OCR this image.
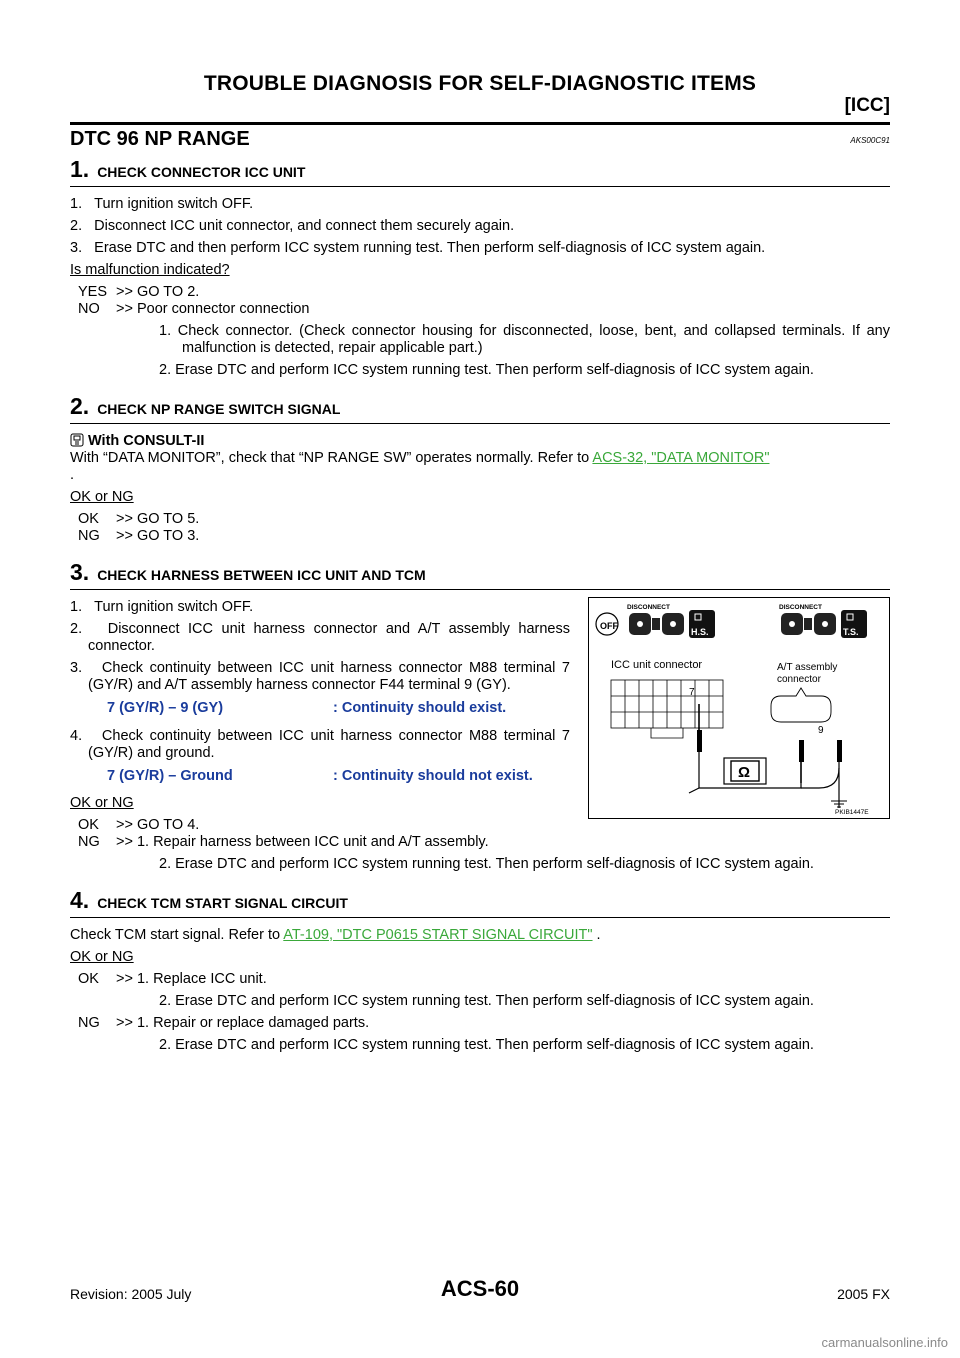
TROUBLE DIAGNOSIS FOR SELF-DIAGNOSTIC ITEMS
[ICC]
DTC 96 NP RANGE	AKS00C91
1. CHECK CONNECTOR ICC UNIT
1.   Turn ignition switch OFF.
2.   Disconnect ICC unit connector, and connect them securely again.
3.   Erase DTC and then perform ICC system running test. Then perform self-diagnosis of ICC system again.
Is malfunction indicated?
YES >> GO TO 2.
NO	>> Poor connector connection
1. Check connector. (Check connector housing for disconnected, loose, bent, and collapsed terminals. If any malfunction is detected, repair applicable part.)
2. Erase DTC and perform ICC system running test. Then perform self-diagnosis of ICC system again.
2. CHECK NP RANGE SWITCH SIGNAL

With CONSULT-II

With “DATA MONITOR”, check that “NP RANGE SW” operates normally. Refer to ACS-32, "DATA MONITOR"

.

OK or NG
OK	>> GO TO 5.
NG	>> GO TO 3.
3. CHECK HARNESS BETWEEN ICC UNIT AND TCM
1.   Turn ignition switch OFF.
2.   Disconnect ICC unit harness connector and A/T assembly harness connector.
3.   Check continuity between ICC unit harness connector M88 terminal 7 (GY/R) and A/T assembly harness connector F44 terminal 9 (GY).
7 (GY/R) – 9 (GY)	: Continuity should exist.
4.   Check continuity between ICC unit harness connector M88 terminal 7 (GY/R) and ground.
7 (GY/R) – Ground	: Continuity should not exist.
OFF
DISCONNECT
H.S.
DISCONNECT
T.S.
ICC unit connector	A/T assembly
connector
7
9
Ω
PKIB1447E
OK or NG
OK	>> GO TO 4.
NG	>> 1. Repair harness between ICC unit and A/T assembly.
2. Erase DTC and perform ICC system running test. Then perform self-diagnosis of ICC system again.
4. CHECK TCM START SIGNAL CIRCUIT

Check TCM start signal. Refer to AT-109, "DTC P0615 START SIGNAL CIRCUIT" .

OK or NG
OK	>> 1. Replace ICC unit.
2. Erase DTC and perform ICC system running test. Then perform self-diagnosis of ICC system again.
NG	>> 1. Repair or replace damaged parts.
2. Erase DTC and perform ICC system running test. Then perform self-diagnosis of ICC system again.
Revision: 2005 July	ACS-60	2005 FX
carmanualsonline.info
